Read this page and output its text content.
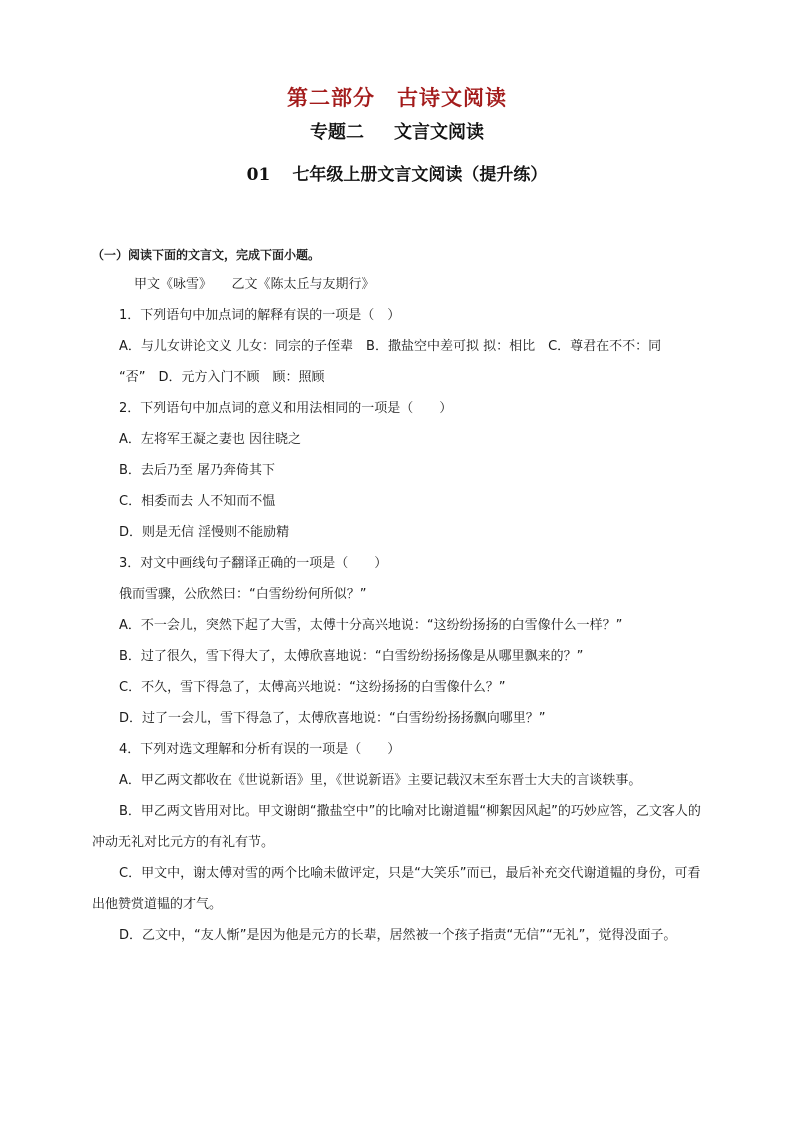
第二部分　古诗文阅读
专题二 文言文阅读
01 七年级上册文言文阅读（提升练）
（一）阅读下面的文言文，完成下面小题。
甲文《咏雪》　　乙文《陈太丘与友期行》
1．下列语句中加点词的解释有误的一项是（　）
A．与儿女讲论文义 儿女：同宗的子侄辈　B．撒盐空中差可拟 拟：相比　C．尊君在不不：同
“否”　D．元方入门不顾　顾：照顾
2．下列语句中加点词的意义和用法相同的一项是（　　）
A．左将军王凝之妻也 因往晓之
B．去后乃至 屠乃奔倚其下
C．相委而去 人不知而不愠
D．则是无信 淫慢则不能励精
3．对文中画线句子翻译正确的一项是（　　）
俄而雪骤，公欣然曰：“白雪纷纷何所似？”
A．不一会儿，突然下起了大雪，太傅十分高兴地说：“这纷纷扬扬的白雪像什么一样？”
B．过了很久，雪下得大了，太傅欣喜地说：“白雪纷纷扬扬像是从哪里飘来的？”
C．不久，雪下得急了，太傅高兴地说：“这纷扬扬的白雪像什么？”
D．过了一会儿，雪下得急了，太傅欣喜地说：“白雪纷纷扬扬飘向哪里？”
4．下列对选文理解和分析有误的一项是（　　）
A．甲乙两文都收在《世说新语》里，《世说新语》主要记载汉末至东晋士大夫的言谈轶事。
B．甲乙两文皆用对比。甲文谢朗“撒盐空中”的比喻对比谢道韫“柳絮因风起”的巧妙应答，乙文客人的冲动无礼对比元方的有礼有节。
C．甲文中，谢太傅对雪的两个比喻未做评定，只是“大笑乐”而已，最后补充交代谢道韫的身份，可看出他赞赏道韫的才气。
D．乙文中，“友人惭”是因为他是元方的长辈，居然被一个孩子指责“无信”“无礼”，觉得没面子。
